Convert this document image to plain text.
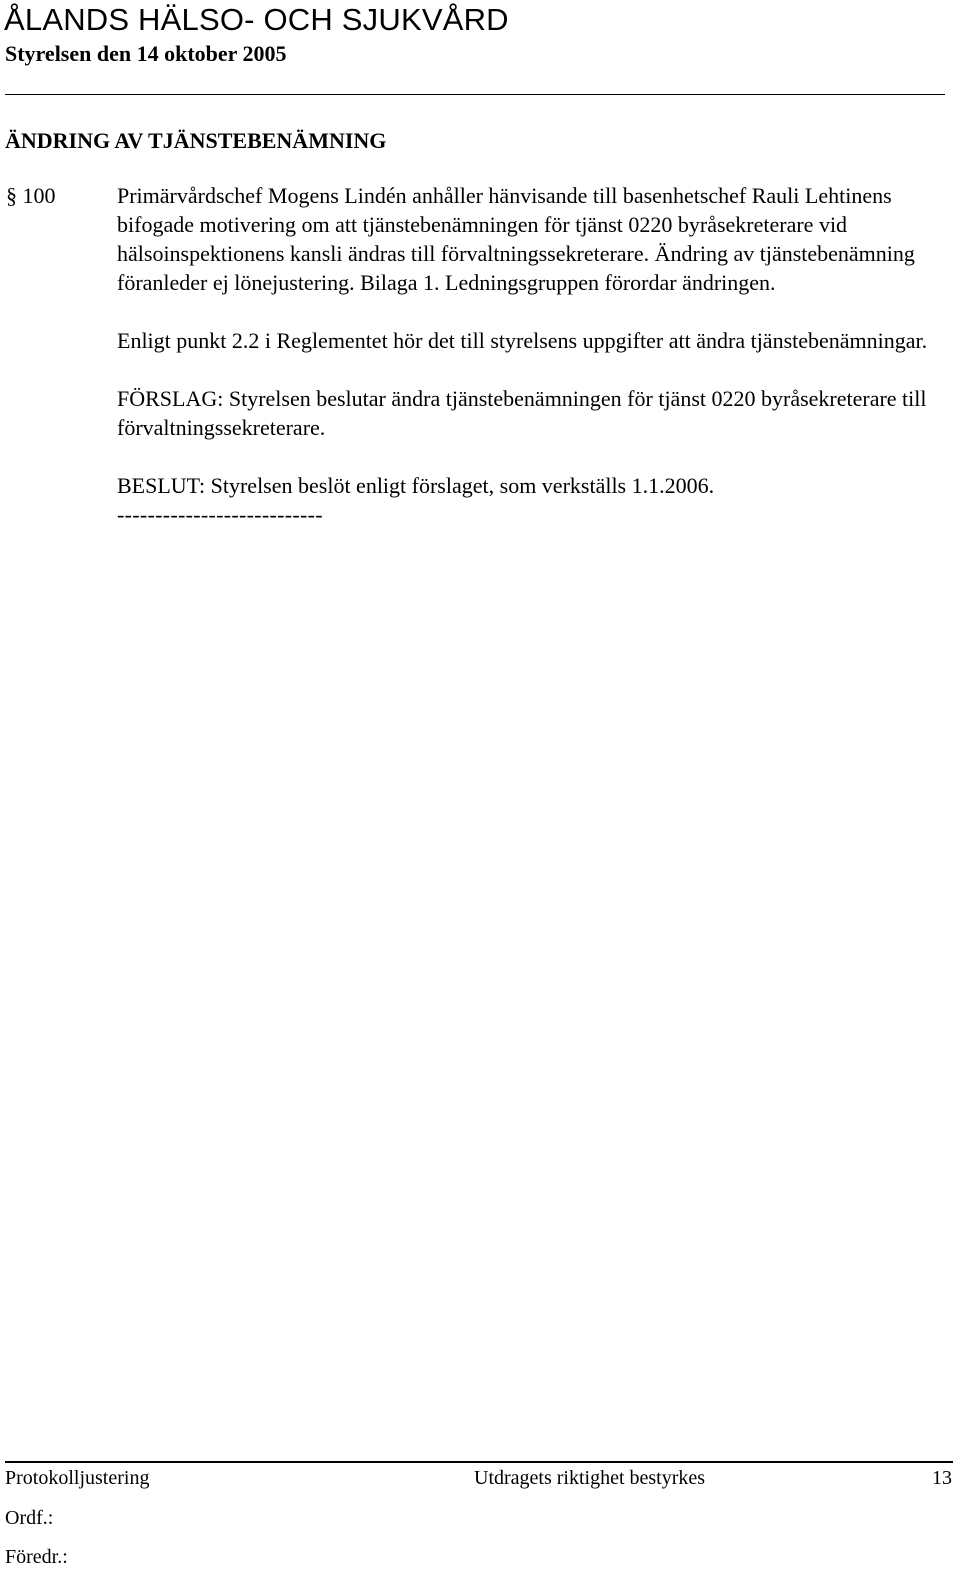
ÅLANDS HÄLSO- OCH SJUKVÅRD
Styrelsen den 14 oktober 2005
ÄNDRING AV TJÄNSTEBENÄMNING
§ 100	Primärvårdschef Mogens Lindén anhåller hänvisande till basenhetschef Rauli Lehtinens bifogade motivering om att tjänstebenämningen för tjänst 0220 byråsekreterare vid hälsoinspektionens kansli ändras till förvaltningssekreterare. Ändring av tjänstebenämning föranleder ej lönejustering. Bilaga 1. Ledningsgruppen förordar ändringen.

Enligt punkt 2.2 i Reglementet hör det till styrelsens uppgifter att ändra tjänstebenämningar.

FÖRSLAG: Styrelsen beslutar ändra tjänstebenämningen för tjänst 0220 byråsekreterare till förvaltningssekreterare.

BESLUT: Styrelsen beslöt enligt förslaget, som verkställs 1.1.2006.

---------------------------
Protokolljustering	Utdragets riktighet bestyrkes	13
Ordf.:
Föredr.:
